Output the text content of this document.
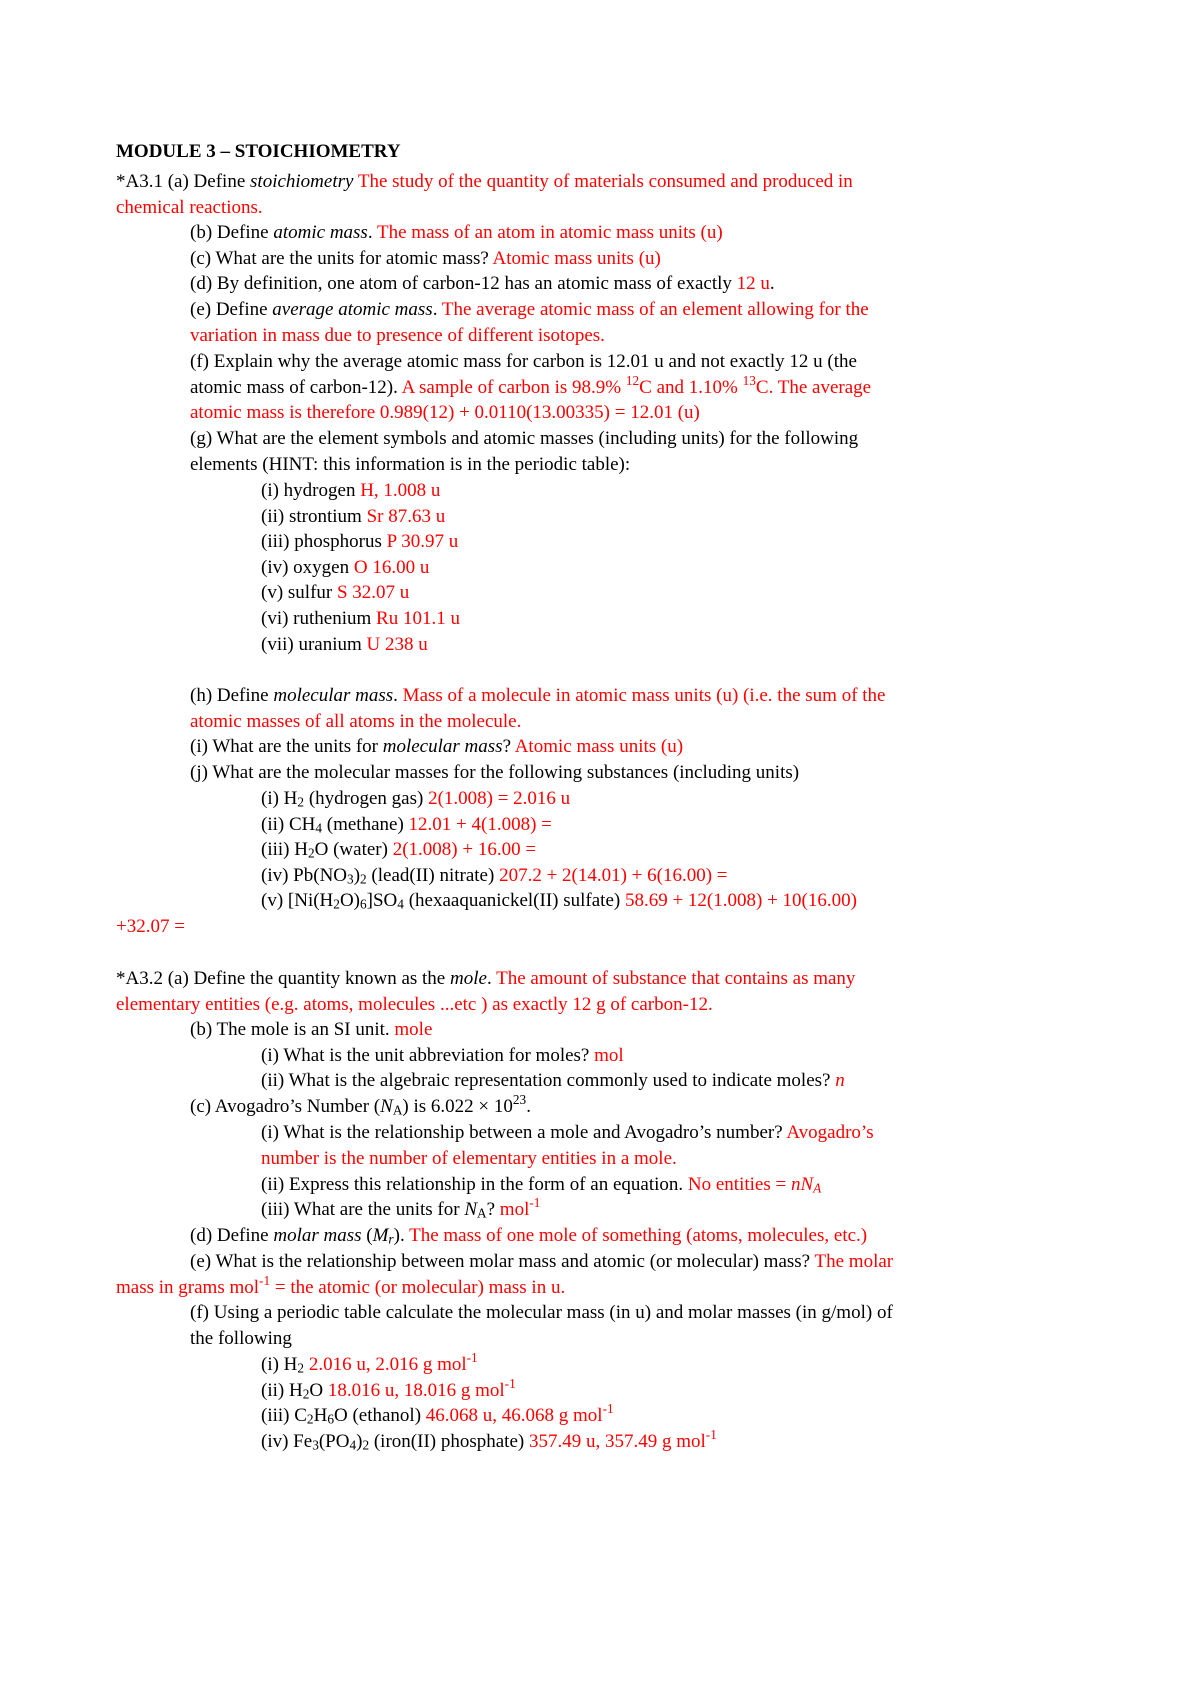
MODULE 3 – STOICHIOMETRY
*A3.1 (a) Define stoichiometry The study of the quantity of materials consumed and produced in
chemical reactions.
(b) Define atomic mass. The mass of an atom in atomic mass units (u)
(c) What are the units for atomic mass? Atomic mass units (u)
(d) By definition, one atom of carbon-12 has an atomic mass of exactly 12 u.
(e) Define average atomic mass. The average atomic mass of an element allowing for the
variation in mass due to presence of different isotopes.
(f) Explain why the average atomic mass for carbon is 12.01 u and not exactly 12 u (the
atomic mass of carbon-12). A sample of carbon is 98.9% $^{12}$C and 1.10% $^{13}$C. The average
atomic mass is therefore 0.989(12) + 0.0110(13.00335) = 12.01 (u)
(g) What are the element symbols and atomic masses (including units) for the following
elements (HINT: this information is in the periodic table):
(i) hydrogen H, 1.008 u
(ii) strontium Sr 87.63 u
(iii) phosphorus P 30.97 u
(iv) oxygen O 16.00 u
(v) sulfur S 32.07 u
(vi) ruthenium Ru 101.1 u
(vii) uranium U 238 u
(h) Define molecular mass. Mass of a molecule in atomic mass units (u) (i.e. the sum of the
atomic masses of all atoms in the molecule.
(i) What are the units for molecular mass? Atomic mass units (u)
(j) What are the molecular masses for the following substances (including units)
(i) $H_2$ (hydrogen gas) 2(1.008) = 2.016 u
(ii) $CH_4$ (methane) 12.01 + 4(1.008) =
(iii) $H_2O$ (water) 2(1.008) + 16.00 =
(iv) $Pb(NO_3)_2$ (lead(II) nitrate) 207.2 + 2(14.01) + 6(16.00) =
(v) $[Ni(H_2O)_6]SO_4$ (hexaaquanickel(II) sulfate) 58.69 + 12(1.008) + 10(16.00)
+32.07 =
*A3.2 (a) Define the quantity known as the mole. The amount of substance that contains as many
elementary entities (e.g. atoms, molecules ...etc ) as exactly 12 g of carbon-12.
(b) The mole is an SI unit. mole
(i) What is the unit abbreviation for moles? mol
(ii) What is the algebraic representation commonly used to indicate moles? n
(c) Avogadro’s Number $(N_A)$ is $6.022 \times 10^{23}$.
(i) What is the relationship between a mole and Avogadro’s number? Avogadro’s
number is the number of elementary entities in a mole.
(ii) Express this relationship in the form of an equation. No entities = $nN_A$
(iii) What are the units for $N_A$? mol$^{-1}$
(d) Define molar mass $(M_r)$. The mass of one mole of something (atoms, molecules, etc.)
(e) What is the relationship between molar mass and atomic (or molecular) mass? The molar
mass in grams mol$^{-1}$ = the atomic (or molecular) mass in u.
(f) Using a periodic table calculate the molecular mass (in u) and molar masses (in g/mol) of
the following
(i) $H_2$ 2.016 u, 2.016 g mol$^{-1}$
(ii) $H_2O$ 18.016 u, 18.016 g mol$^{-1}$
(iii) $C_2H_6O$ (ethanol) 46.068 u, 46.068 g mol$^{-1}$
(iv) $Fe_3(PO_4)_2$ (iron(II) phosphate) 357.49 u, 357.49 g mol$^{-1}$
